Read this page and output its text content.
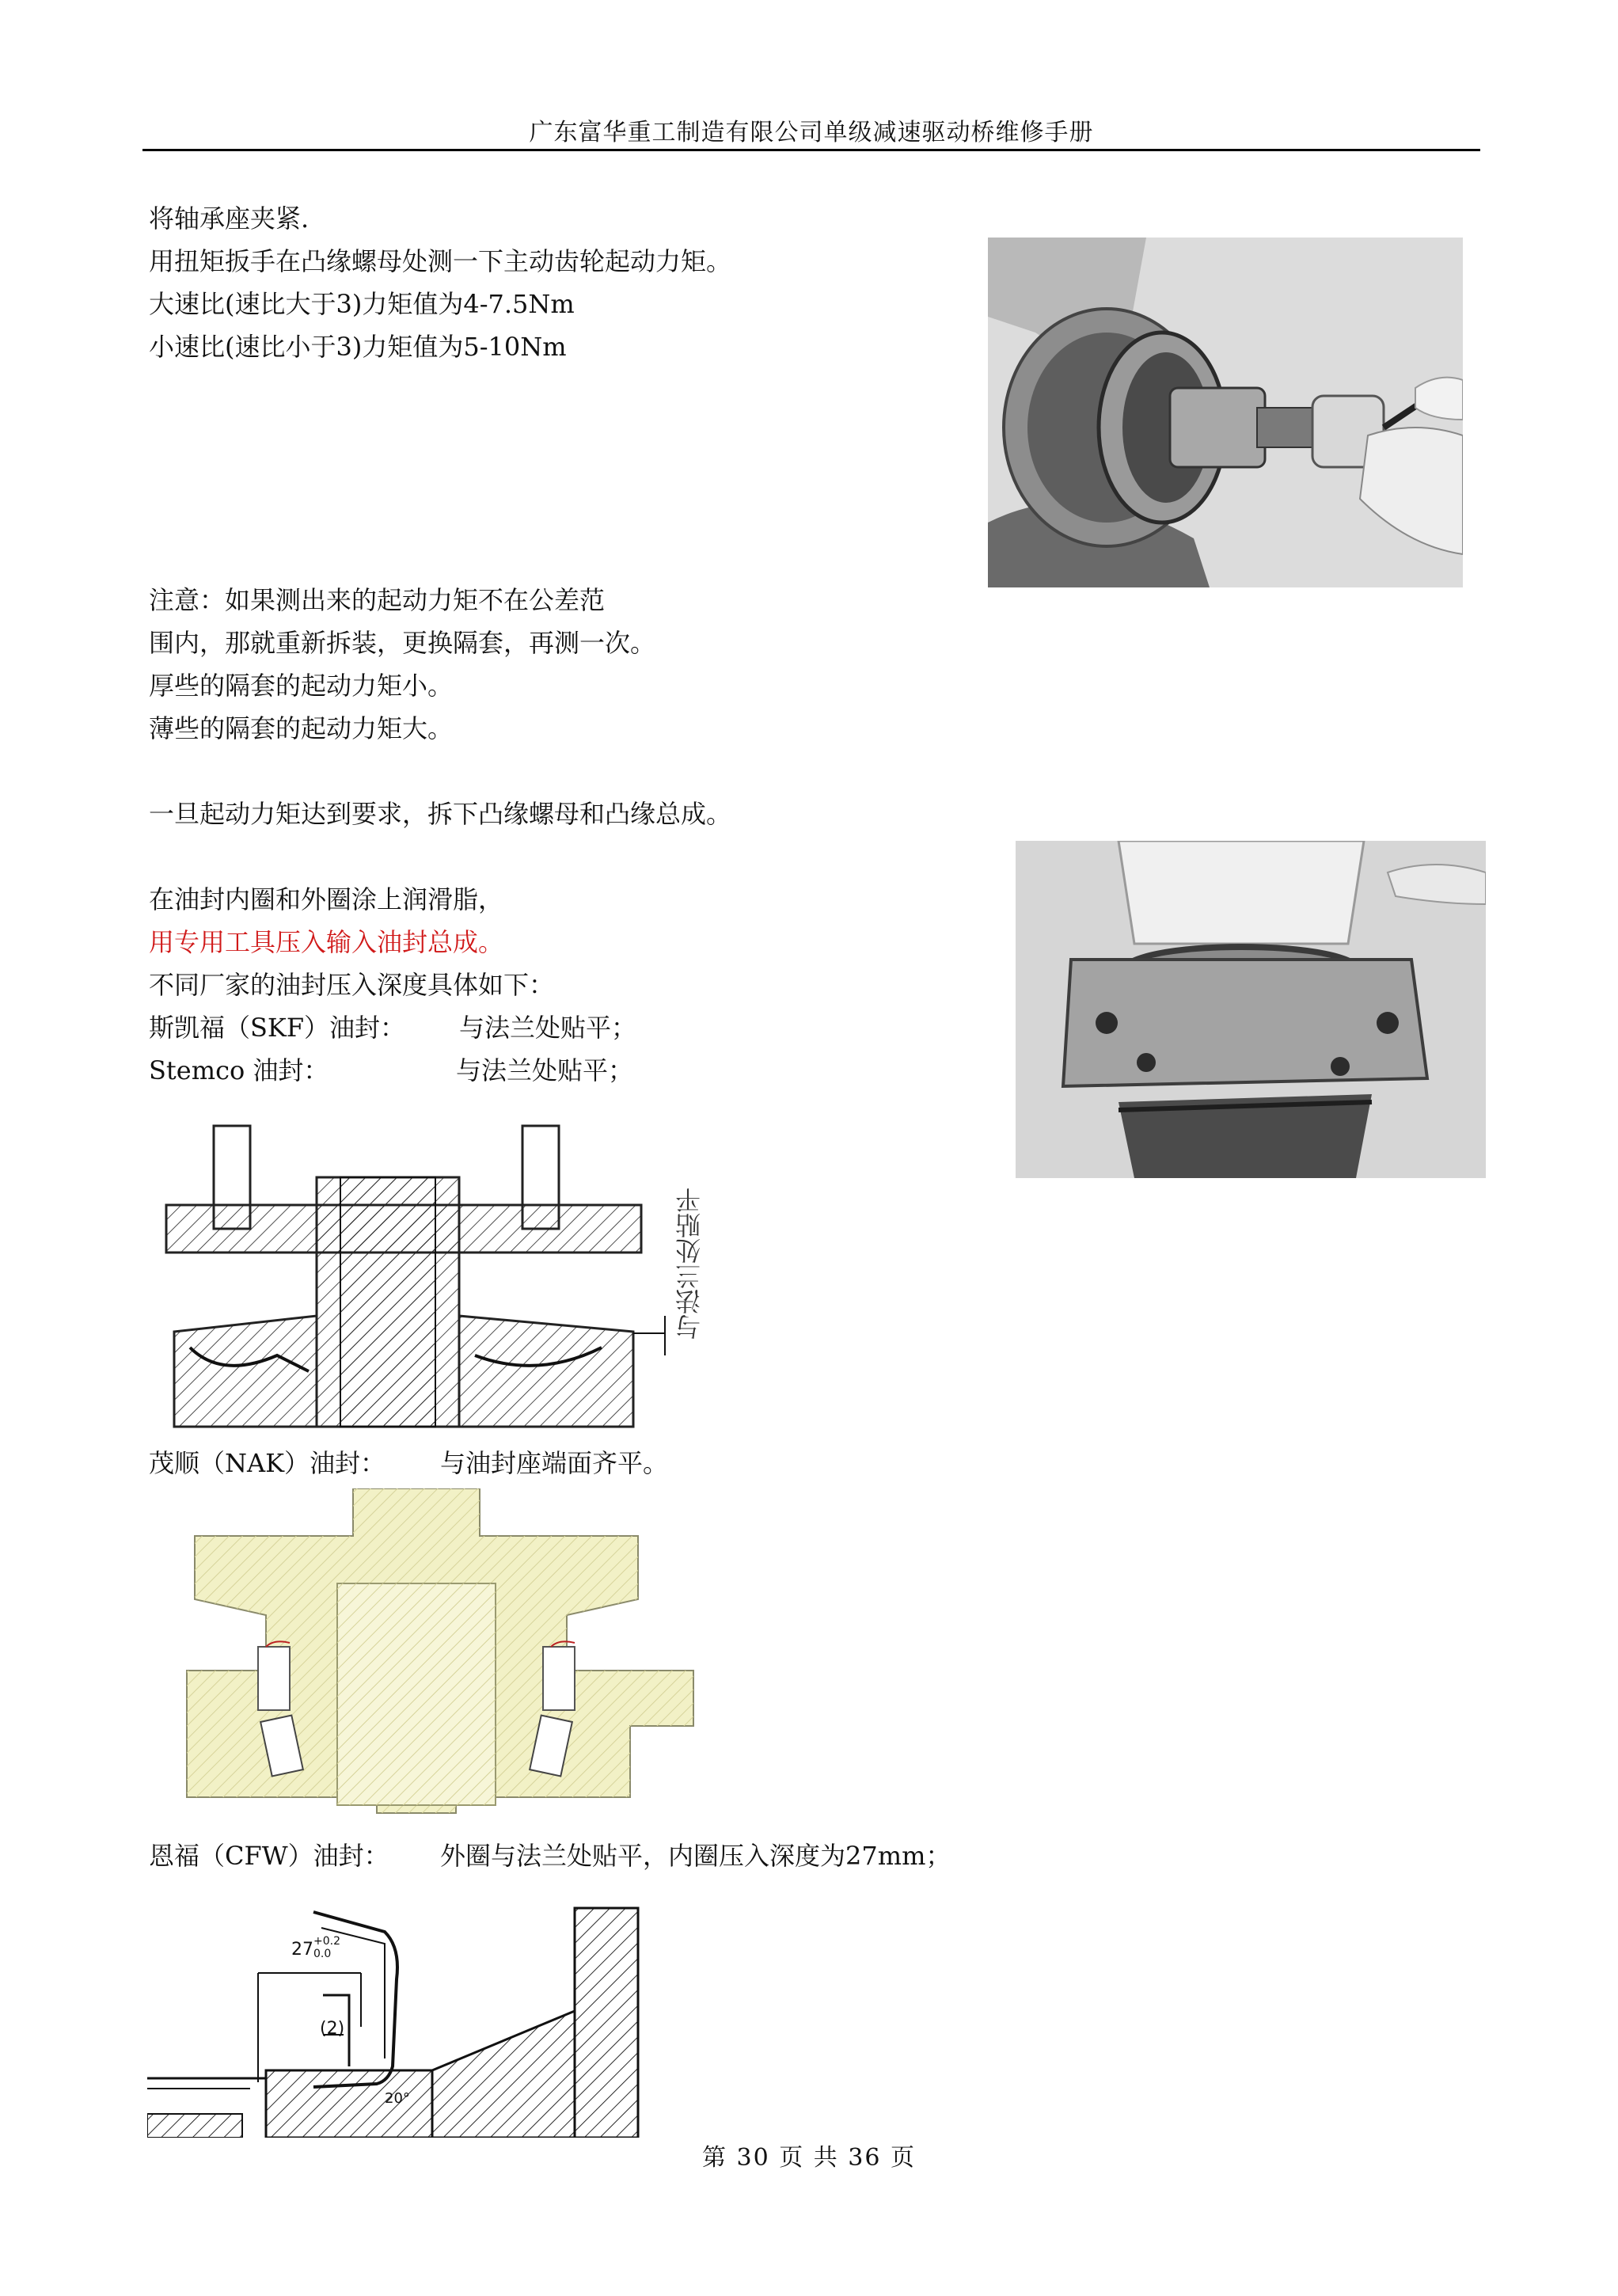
广东富华重工制造有限公司单级减速驱动桥维修手册
将轴承座夹紧.
用扭矩扳手在凸缘螺母处测一下主动齿轮起动力矩。
大速比(速比大于3)力矩值为4-7.5Nm
小速比(速比小于3)力矩值为5-10Nm
注意：如果测出来的起动力矩不在公差范
围内，那就重新拆装，更换隔套，再测一次。
厚些的隔套的起动力矩小。
薄些的隔套的起动力矩大。
一旦起动力矩达到要求，拆下凸缘螺母和凸缘总成。
在油封内圈和外圈涂上润滑脂，
用专用工具压入输入油封总成。
不同厂家的油封压入深度具体如下：
斯凯福（SKF）油封： 与法兰处贴平；
Stemco 油封：	与法兰处贴平；
与法兰处贴平
茂顺（NAK）油封： 与油封座端面齐平。
恩福（CFW）油封： 外圈与法兰处贴平，内圈压入深度为27mm；
27 +0.2
0.0
(2)
20°
第 30 页 共 36 页
